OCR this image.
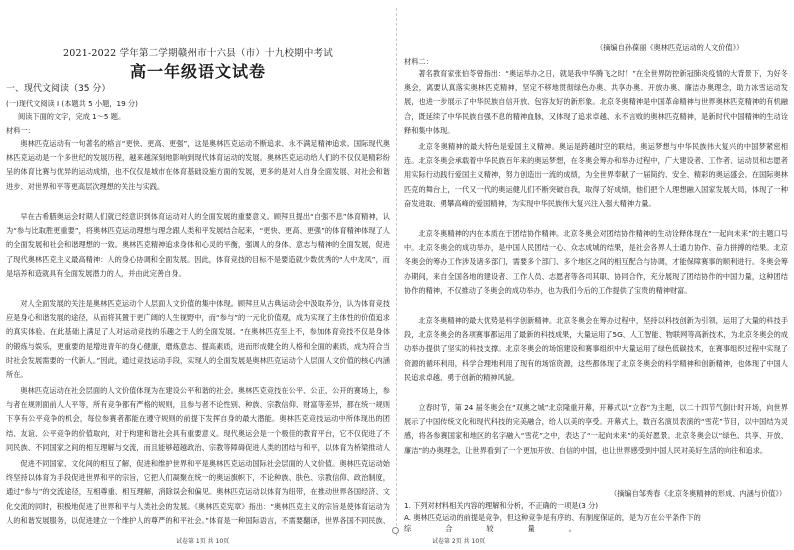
2021-2022 学年第二学期赣州市十六县（市）十九校期中考试
高一年级语文试卷
一、现代文阅读（35 分）
(一)现代文阅读 I (本题共 5 小题，19 分)
阅读下面的文字，完成 1～5 题。
材料一：
奥林匹克运动有一句著名的格言“更快、更高、更强”，这是奥林匹克运动不断追求、永不满足精神追求。国际现代奥林匹克运动是一个多世纪的发展历程，越来越深刻地影响到现代体育运动的发展。奥林匹克运动给人们的不仅仅是精彩纷呈的体育比赛与优异的运动成绩，也不仅仅是城市在体育基础设施方面的发展，更多的是对人自身全面发展、对社会和谐进步、对世界和平等更高层次理想的关注与实践。
早在古希腊奥运会时期人们就已经意识到体育运动对人的全面发展的重要意义。顾拜旦提出“自强不息”体育精神，认为“参与比取胜更重要”，将奥林匹克运动理想与理念跟人类和平发展结合起来，“更快、更高、更强”的体育精神体现了人的全面发展和社会和谐理想的一致。奥林匹克精神追求身体和心灵的平衡，强调人的身体、意志与精神的全面发展，促进了现代奥林匹克主义最高精神：人的身心协调和全面发展。因此，体育竞技的目标不是要造就少数优秀的“人中龙凤”，而是培养和造就具有全面发展潜力的人，并由此完善自身。
对人全面发展的关注是奥林匹克运动个人层面人文价值的集中体现。顾拜旦从古典运动会中汲取养分，认为体育竞技应是身心和谐发展的途径，从而将其置于更广阔的人生视野中，而“参与”的一元化价值观，成为实现了主体性的价值追求的真实体验。在此基础上满足了人对运动竞技的乐趣之于人的全面发展。“在奥林匹克至上不，参加体育竞技不仅是身体的锻炼与娱乐，更重要的是增进青年的身心健康，磨炼意志、提高素质，进而形成健全的人格和全面的素质，成为符合当时社会发展需要的一代新人。”因此，通过竞技运动手段，实现人的全面发展是奥林匹克运动个人层面人文价值的核心内涵所在。
奥林匹克运动在社会层面的人文价值体现为在建设公平和谐的社会。奥林匹克竞技在公平、公正、公开的赛场上，参与者在规则面前人人平等，所有竞争都有严格的规则，且参与者不论性别、种族、宗教信仰、财富等差异，都在统一规则下享有公平竞争的机会，每位参赛者都能在遵守规则的前提下发挥自身的最大潜能。奥林匹克竞技运动中所体现出的团结、友谊、公平竞争的价值取向，对于构建和谐社会具有重要意义。现代奥运会是一个极佳的教育平台，它不仅促进了不同民族、不同国家之间的相互理解与交流，而且能够超越政治、宗教等障碍促进人类的团结与和平，以体育为桥梁推动人
促进不同国家、文化间的相互了解，促进和维护世界和平是奥林匹克运动国际社会层面的人文价值。奥林匹克运动始终坚持以体育为手段促进世界和平的宗旨，它把人们凝聚在统一的奥运旗帜下，不论种族、肤色、宗教信仰、政治制度，通过“参与”的交流途径，互相尊重、相互理解，消除误会和偏见。奥林匹克运动以体育为纽带，在推动世界各国经济、文化交流的同时，积极地促进了世界和平与人类社会的发展。《奥林匹克宪章》指出：“奥林匹克主义的宗旨是使体育运动为人的和谐发展服务，以促进建立一个维护人的尊严的和平社会。”体育是一种国际语言，不需要翻译，世界各国不同民族、
试卷第 1页 共 10页
（摘编自孙葆丽《奥林匹克运动的人文价值》）
材料二：
著名教育家张伯苓曾指出：“奥运举办之日，就是我中华腾飞之时！”在全世界防控新冠肺炎疫情的大背景下，为好冬奥会，离要认真落实奥林匹克精神，坚定不移地贯彻绿色办奥、共享办奥、开放办奥、廉洁办奥理念，助力冰雪运动发展，也进一步展示了中华民族自信开放、包容友好的新形象。北京冬奥精神是中国革命精神与世界奥林匹克精神的有机融合，既延续了中华民族自强不息的精神血脉，又体现了追求卓越、永不言败的奥林匹克精神，是新时代中国精神的生动诠释和集中体现。
北京冬奥精神的最大特色是爱国主义精神。奥运是跨越时空的联结，奥运梦想与中华民族伟大复兴的中国梦紧密相连。北京冬奥会承载着中华民族百年来的奥运梦想，在冬奥会筹办和举办过程中，广大建设者、工作者、运动员和志愿者用实际行动践行爱国主义精神，努力创造出一流的成绩，为全世界奉献了一届简约、安全、精彩的奥运盛会。在国际奥林匹克的舞台上，一代又一代的奥运健儿们不断突破自我，取得了好成绩，他们把个人理想融入国家发展大局，体现了一种奋发进取、勇攀高峰的爱国精神，为实现中华民族伟大复兴注入强大精神力量。
北京冬奥精神的内在本质在于团结协作精神。北京冬奥会对团结协作精神的生动诠释体现在“一起向未来”的主题口号中。北京冬奥会的成功举办，是中国人民团结一心、众志成城的结果，是社会各界人士通力协作、奋力拼搏的结果。北京冬奥会的筹办工作涉及诸多部门，需要多个部门、多个地区之间的相互配合与协调，才能保障赛事的顺利进行。冬奥会筹办期间，来自全国各地的建设者、工作人员、志愿者等各司其职、协同合作，充分展现了团结协作的中国力量，这种团结协作的精神，不仅推动了冬奥会的成功举办，也为我们今后的工作提供了宝贵的精神财富。
北京冬奥精神的最大优势是科学创新精神。北京冬奥会在筹办过程中，坚持以科技创新为引领，运用了大量的科技手段，北京冬奥会的各项赛事都运用了最新的科技成果，大量运用了5G、人工智能、物联网等高新技术，为北京冬奥会的成功举办提供了坚实的科技支撑。北京冬奥会的场馆建设和赛事组织中大量运用了绿色低碳技术，在赛事组织过程中实现了资源的循环利用，科学合理地利用了现有的场馆资源，这些都体现了北京冬奥会的科学精神和创新精神，也体现了中国人民追求卓越、勇于创新的精神风貌。
立春时节，第 24 届冬奥会在“双奥之城”北京隆重开幕，开幕式以“立春”为主题，以二十四节气倒计时开场，向世界展示了中国传统文化和现代科技的完美融合，给人以美的享受。开幕式上，数百名演员表演的“雪花”节目，以中国结为灵感，将各参赛国家和地区的名字融入“雪花”之中，表达了“一起向未来”的美好愿景。北京冬奥会以“绿色、共享、开放、廉洁”的办奥理念，让世界看到了一个更加开放、自信的中国，也让世界感受到中国人民对美好生活的向往和追求。
（摘编自邹秀春《北京冬奥精神的形成、内涵与价值》）
1. 下列对材料相关内容的理解和分析，不正确的一项是(3 分)
A. 奥林匹克运动的前提是竞争，但这种竞争是有序的、有制度保证的，是为万在公平条件下的
综合较量。
试卷第 2页 共 10页
